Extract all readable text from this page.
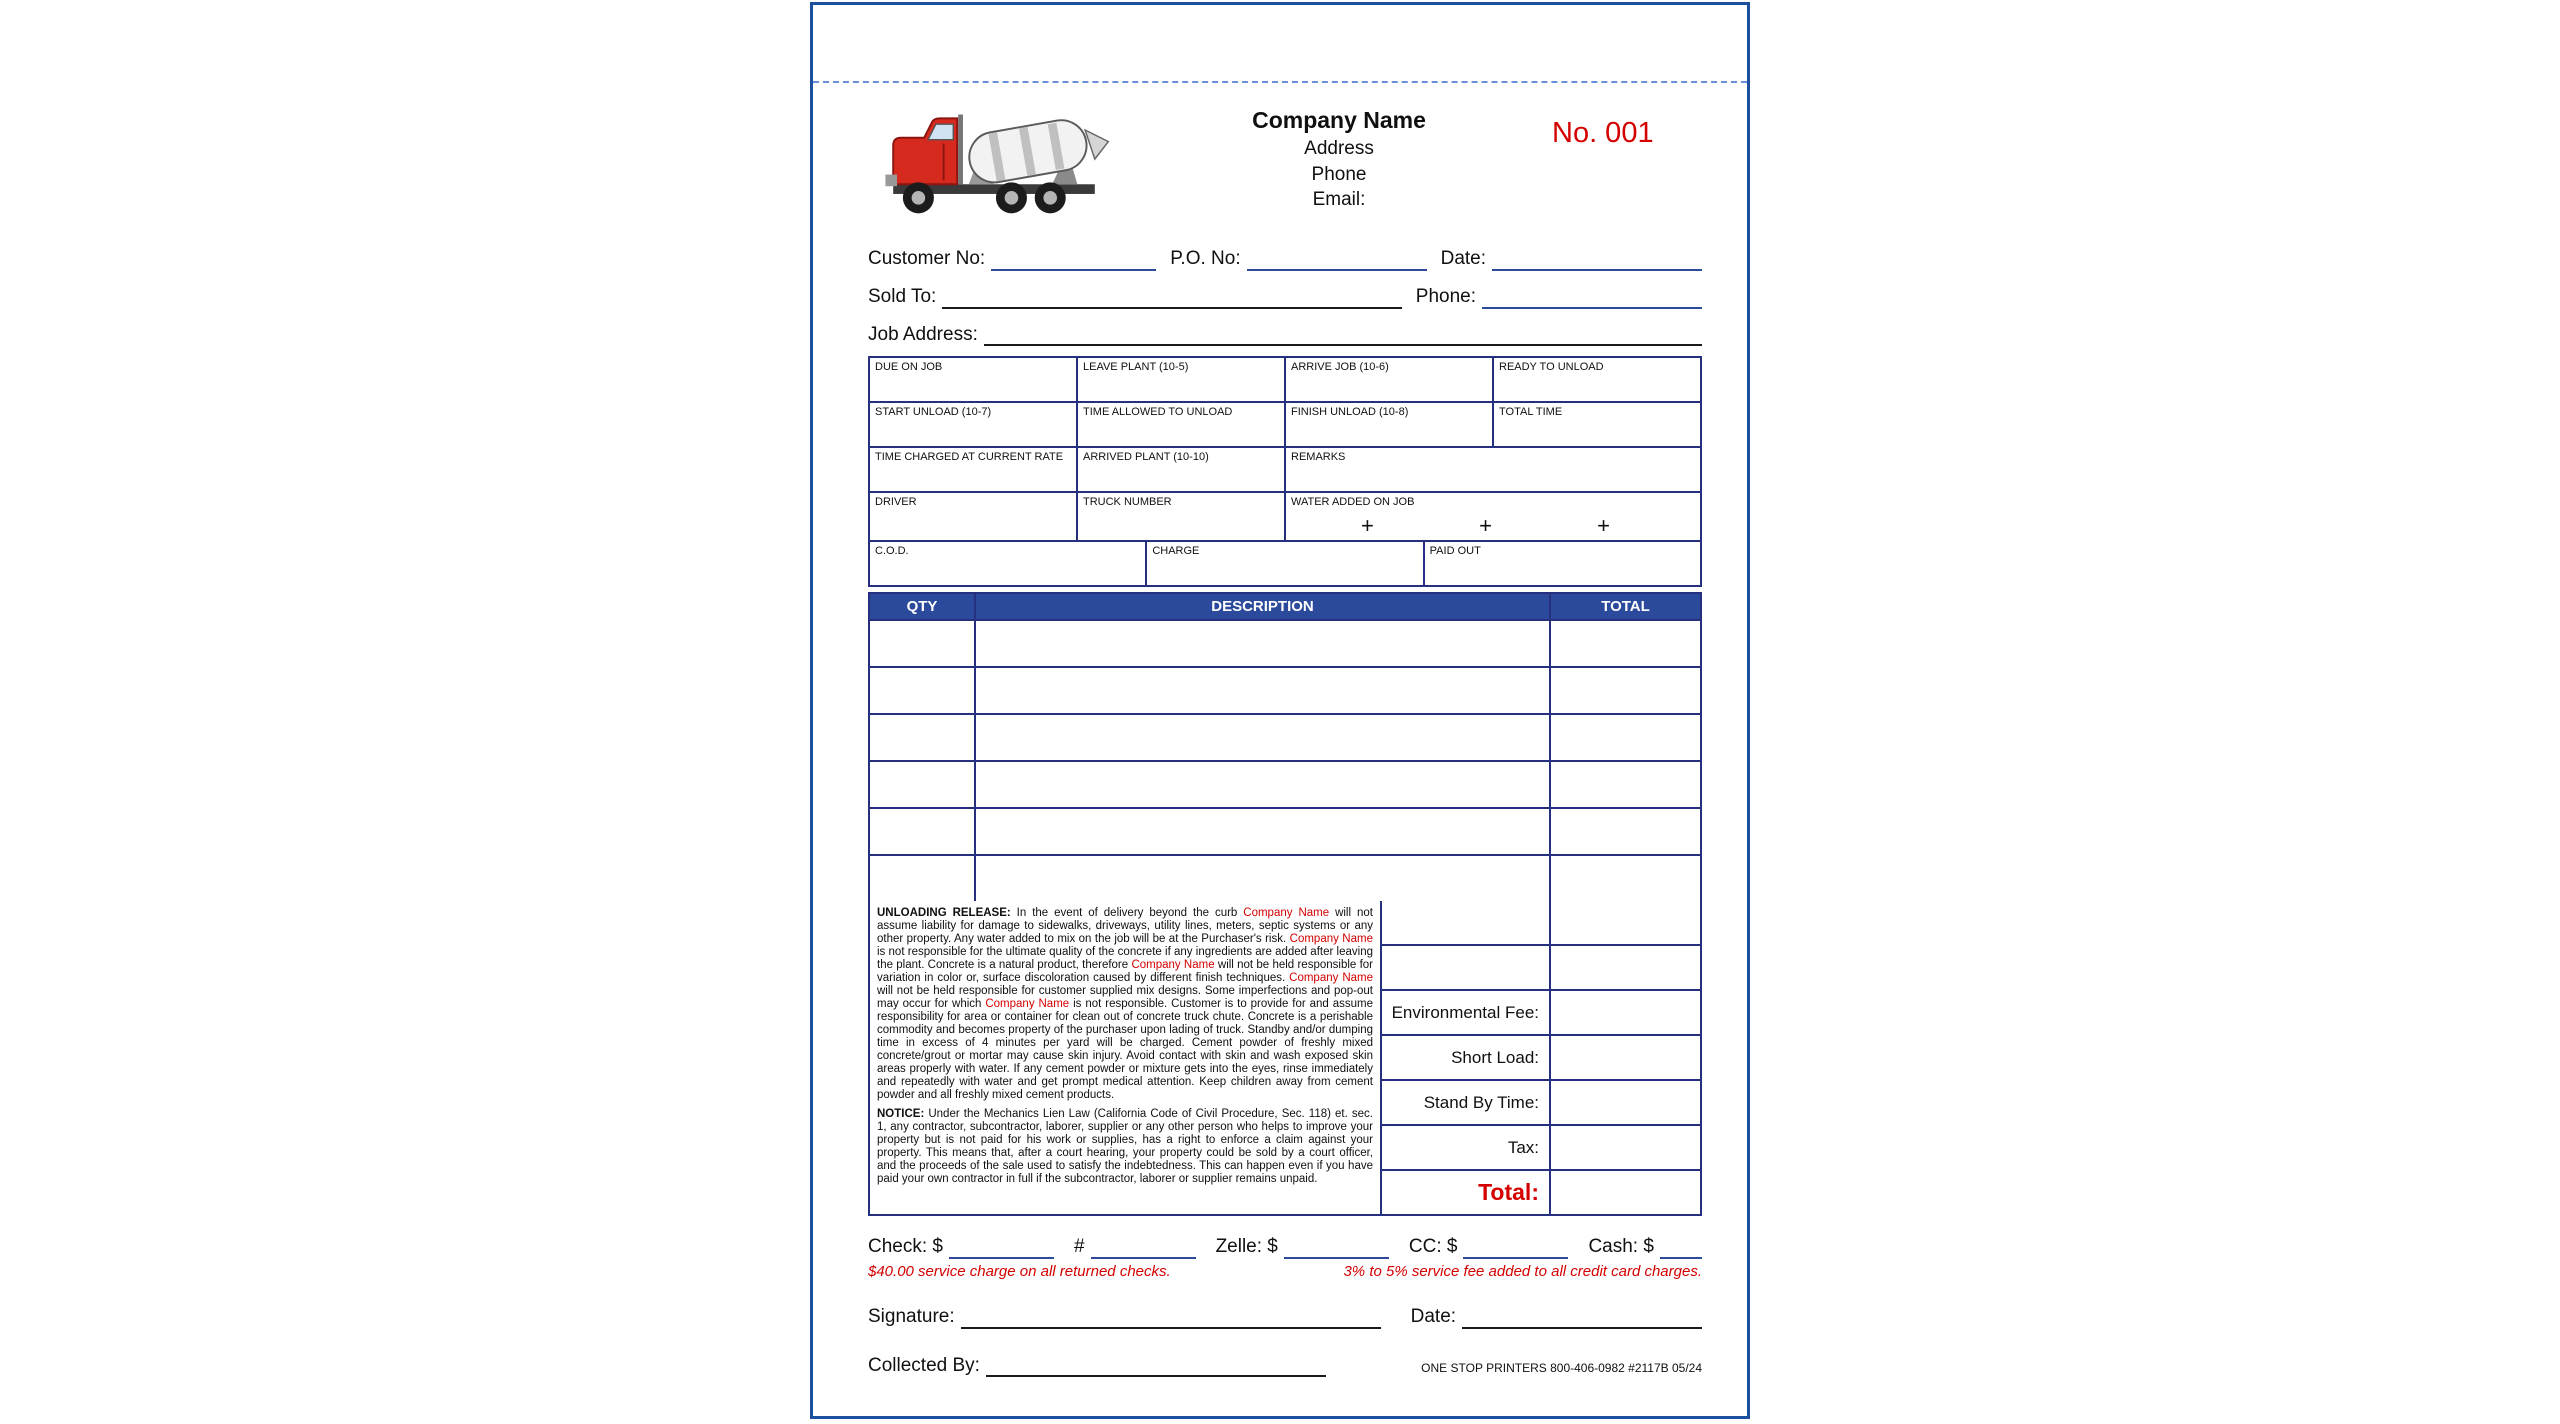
Company Name
Address
Phone
Email:
No. 001
Customer No:	P.O. No:	Date:
Sold To:	Phone:
Job Address:
DUE ON JOB	LEAVE PLANT (10-5)	ARRIVE JOB (10-6)	READY TO UNLOAD
START UNLOAD (10-7)	TIME ALLOWED TO UNLOAD	FINISH UNLOAD (10-8)	TOTAL TIME
TIME CHARGED AT CURRENT RATE	ARRIVED PLANT (10-10)	REMARKS
DRIVER	TRUCK NUMBER	WATER ADDED ON JOB
+	+	+
C.O.D.	CHARGE	PAID OUT
QTY	DESCRIPTION	TOTAL

UNLOADING RELEASE: In the event of delivery beyond the curb Company Name will not assume liability for damage to sidewalks, driveways, utility lines, meters, septic systems or any other property. Any water added to mix on the job will be at the Purchaser's risk. Company Name is not responsible for the ultimate quality of the concrete if any ingredients are added after leaving the plant. Concrete is a natural product, therefore Company Name will not be held responsible for variation in color or, surface discoloration caused by different finish techniques. Company Name will not be held responsible for customer supplied mix designs. Some imperfections and pop-out may occur for which Company Name is not responsible. Customer is to provide for and assume responsibility for area or container for clean out of concrete truck chute. Concrete is a perishable commodity and becomes property of the purchaser upon lading of truck. Standby and/or dumping time in excess of 4 minutes per yard will be charged. Cement powder of freshly mixed concrete/grout or mortar may cause skin injury. Avoid contact with skin and wash exposed skin areas properly with water. If any cement powder or mixture gets into the eyes, rinse immediately and repeatedly with water and get prompt medical attention. Keep children away from cement powder and all freshly mixed cement products.

NOTICE: Under the Mechanics Lien Law (California Code of Civil Procedure, Sec. 118) et. sec. 1, any contractor, subcontractor, laborer, supplier or any other person who helps to improve your property but is not paid for his work or supplies, has a right to enforce a claim against your property. This means that, after a court hearing, your property could be sold by a court officer, and the proceeds of the sale used to satisfy the indebtedness. This can happen even if you have paid your own contractor in full if the subcontractor, laborer or supplier remains unpaid.

Environmental Fee:
Short Load:
Stand By Time:
Tax:
Total:
Check: $	#	Zelle: $	CC: $	Cash: $
$40.00 service charge on all returned checks.	3% to 5% service fee added to all credit card charges.
Signature:	Date:
Collected By:	ONE STOP PRINTERS 800-406-0982 #2117B 05/24
